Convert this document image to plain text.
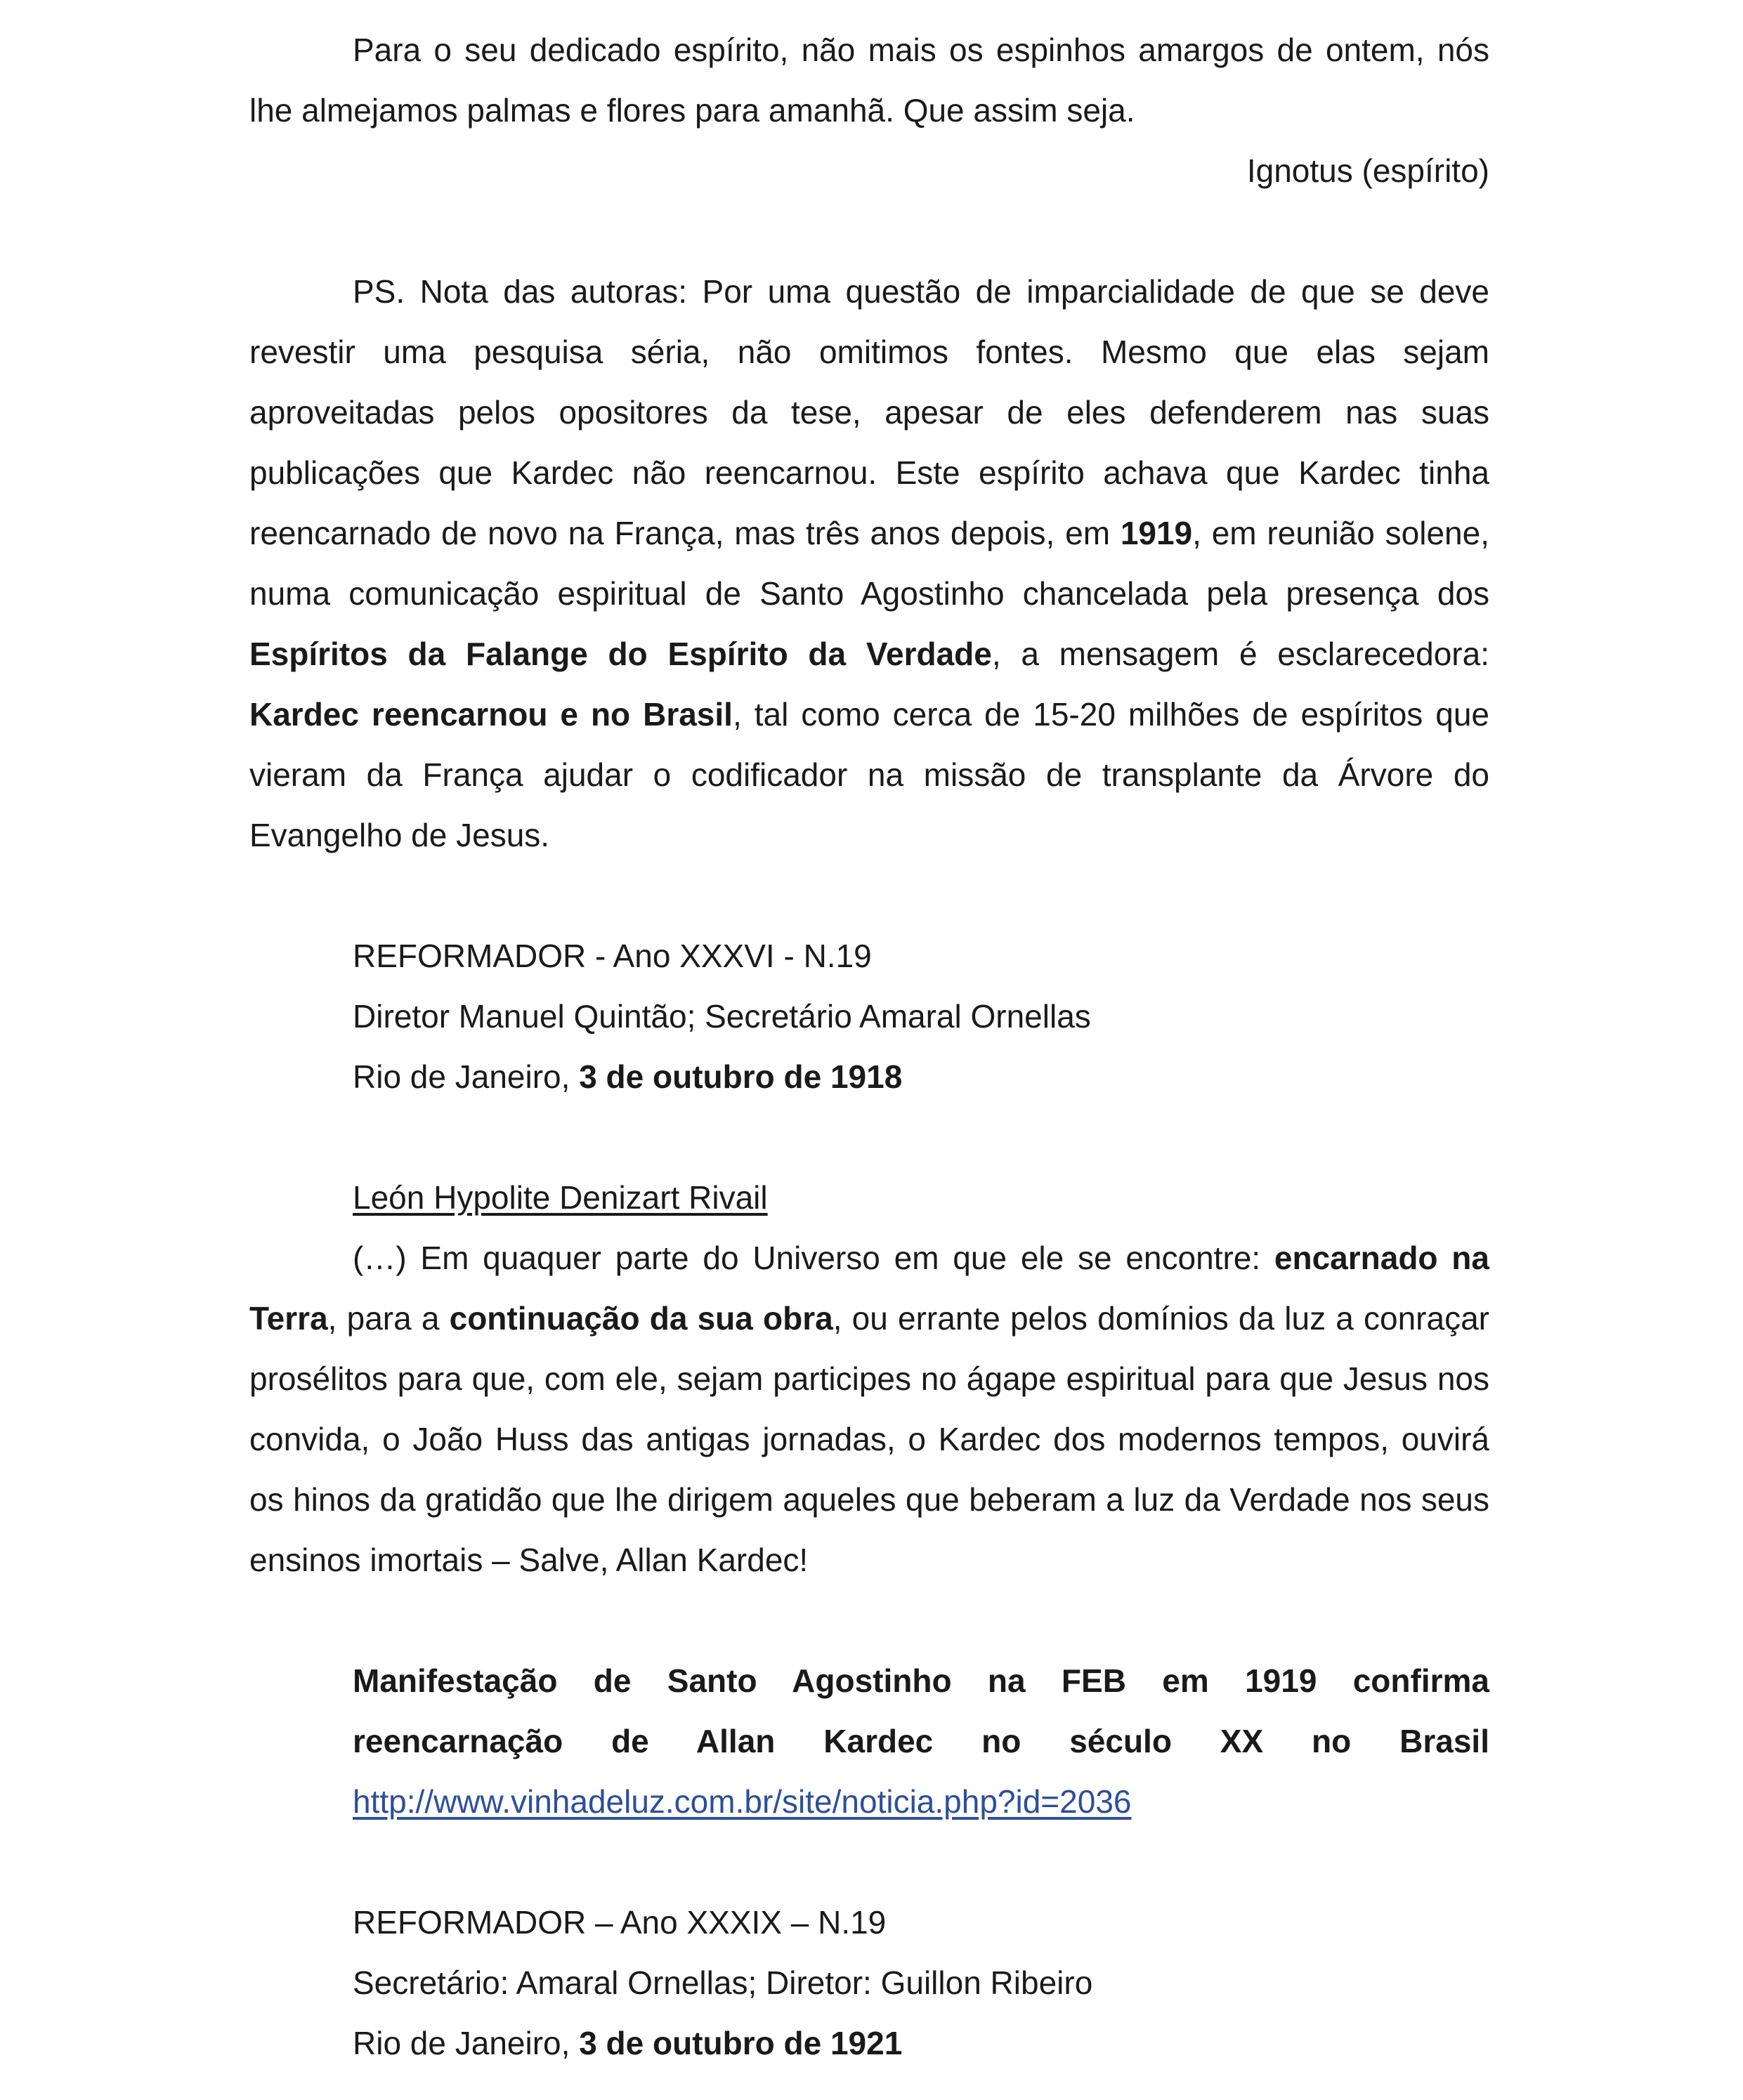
Para o seu dedicado espírito, não mais os espinhos amargos de ontem, nós lhe almejamos palmas e flores para amanhã. Que assim seja.

Ignotus (espírito)

PS. Nota das autoras: Por uma questão de imparcialidade de que se deve revestir uma pesquisa séria, não omitimos fontes. Mesmo que elas sejam aproveitadas pelos opositores da tese, apesar de eles defenderem nas suas publicações que Kardec não reencarnou. Este espírito achava que Kardec tinha reencarnado de novo na França, mas três anos depois, em 1919, em reunião solene, numa comunicação espiritual de Santo Agostinho chancelada pela presença dos Espíritos da Falange do Espírito da Verdade, a mensagem é esclarecedora: Kardec reencarnou e no Brasil, tal como cerca de 15-20 milhões de espíritos que vieram da França ajudar o codificador na missão de transplante da Árvore do Evangelho de Jesus.

REFORMADOR - Ano XXXVI - N.19

Diretor Manuel Quintão; Secretário Amaral Ornellas

Rio de Janeiro, 3 de outubro de 1918

León Hypolite Denizart Rivail

(…) Em quaquer parte do Universo em que ele se encontre: encarnado na Terra, para a continuação da sua obra, ou errante pelos domínios da luz a conraçar prosélitos para que, com ele, sejam participes no ágape espiritual para que Jesus nos convida, o João Huss das antigas jornadas, o Kardec dos modernos tempos, ouvirá os hinos da gratidão que lhe dirigem aqueles que beberam a luz da Verdade nos seus ensinos imortais – Salve, Allan Kardec!

Manifestação de Santo Agostinho na FEB em 1919 confirma

reencarnação de Allan Kardec no século XX no Brasil

http://www.vinhadeluz.com.br/site/noticia.php?id=2036

REFORMADOR – Ano XXXIX – N.19

Secretário: Amaral Ornellas; Diretor: Guillon Ribeiro

Rio de Janeiro, 3 de outubro de 1921
